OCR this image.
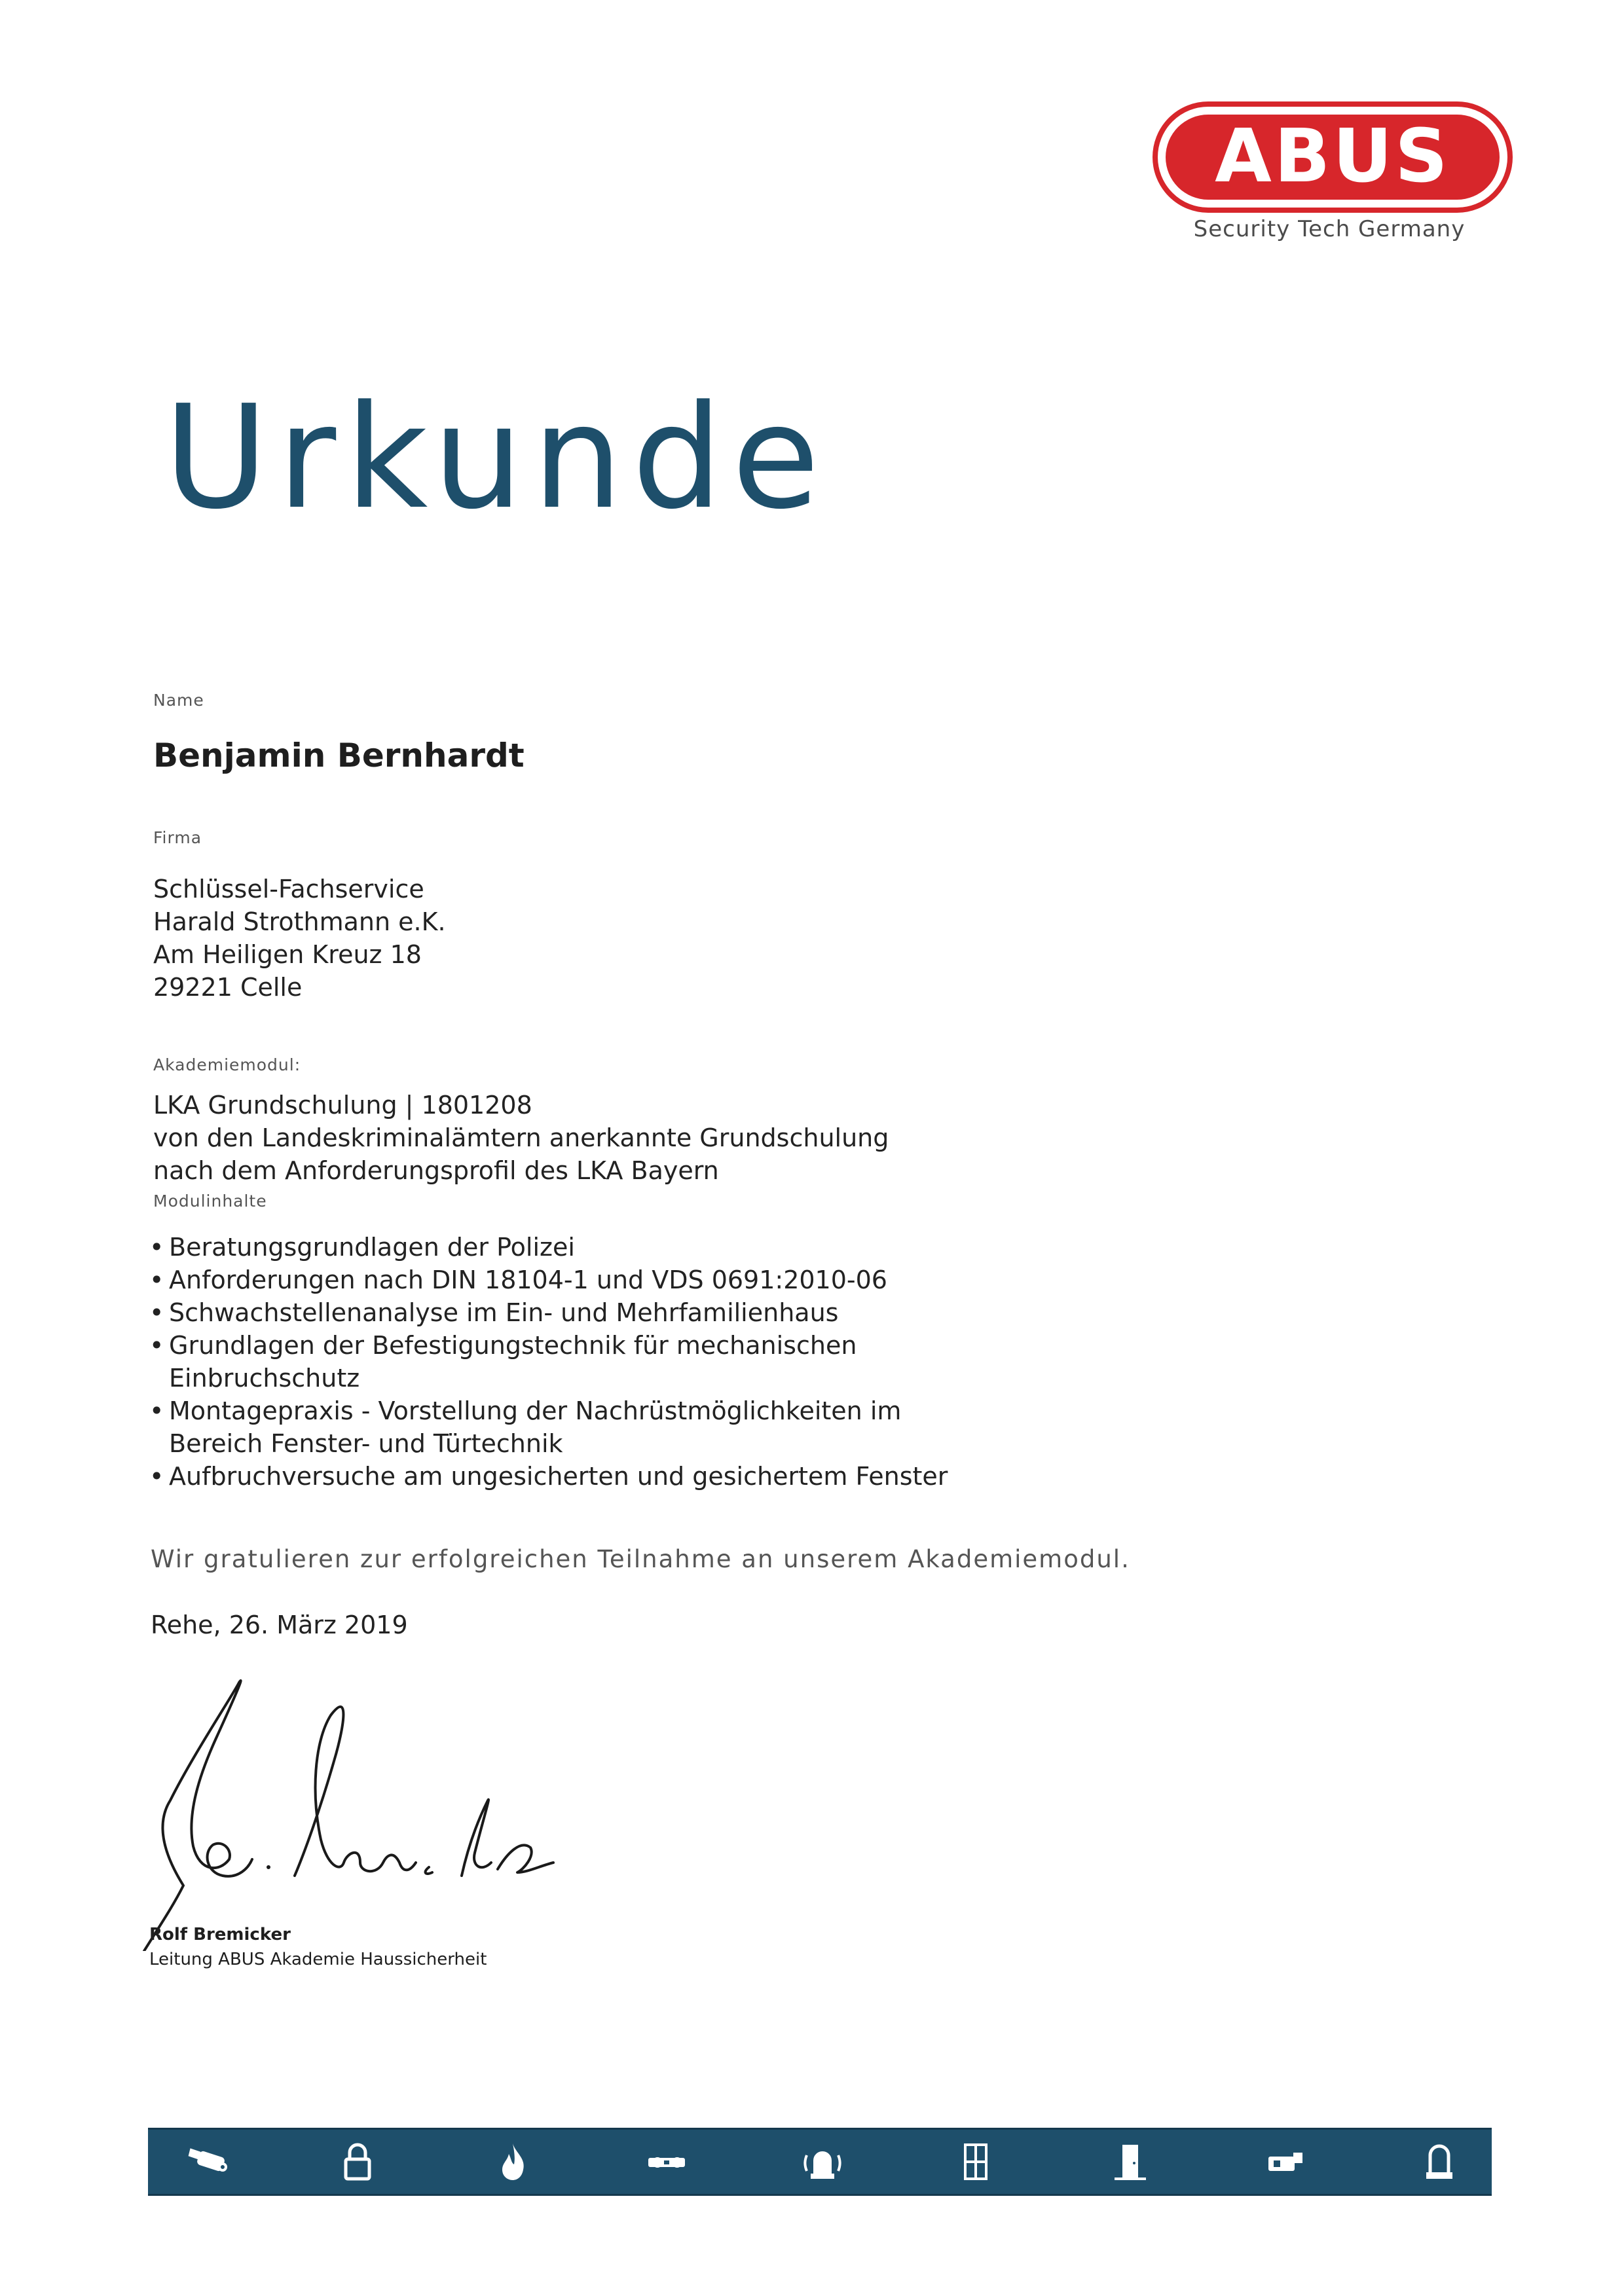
ABUS
Security Tech Germany
Urkunde
Name
Benjamin Bernhardt
Firma
Schlüssel-Fachservice
Harald Strothmann e.K.
Am Heiligen Kreuz 18
29221 Celle
Akademiemodul:
LKA Grundschulung | 1801208
von den Landeskriminalämtern anerkannte Grundschulung
nach dem Anforderungsprofil des LKA Bayern
Modulinhalte
• Beratungsgrundlagen der Polizei
• Anforderungen nach DIN 18104-1 und VDS 0691:2010-06
• Schwachstellenanalyse im Ein- und Mehrfamilienhaus
• Grundlagen der Befestigungstechnik für mechanischen Einbruchschutz
• Montagepraxis - Vorstellung der Nachrüstmöglichkeiten im Bereich Fenster- und Türtechnik
• Aufbruchversuche am ungesicherten und gesichertem Fenster
Wir gratulieren zur erfolgreichen Teilnahme an unserem Akademiemodul.
Rehe, 26. März 2019
Rolf Bremicker
Leitung ABUS Akademie Haussicherheit
